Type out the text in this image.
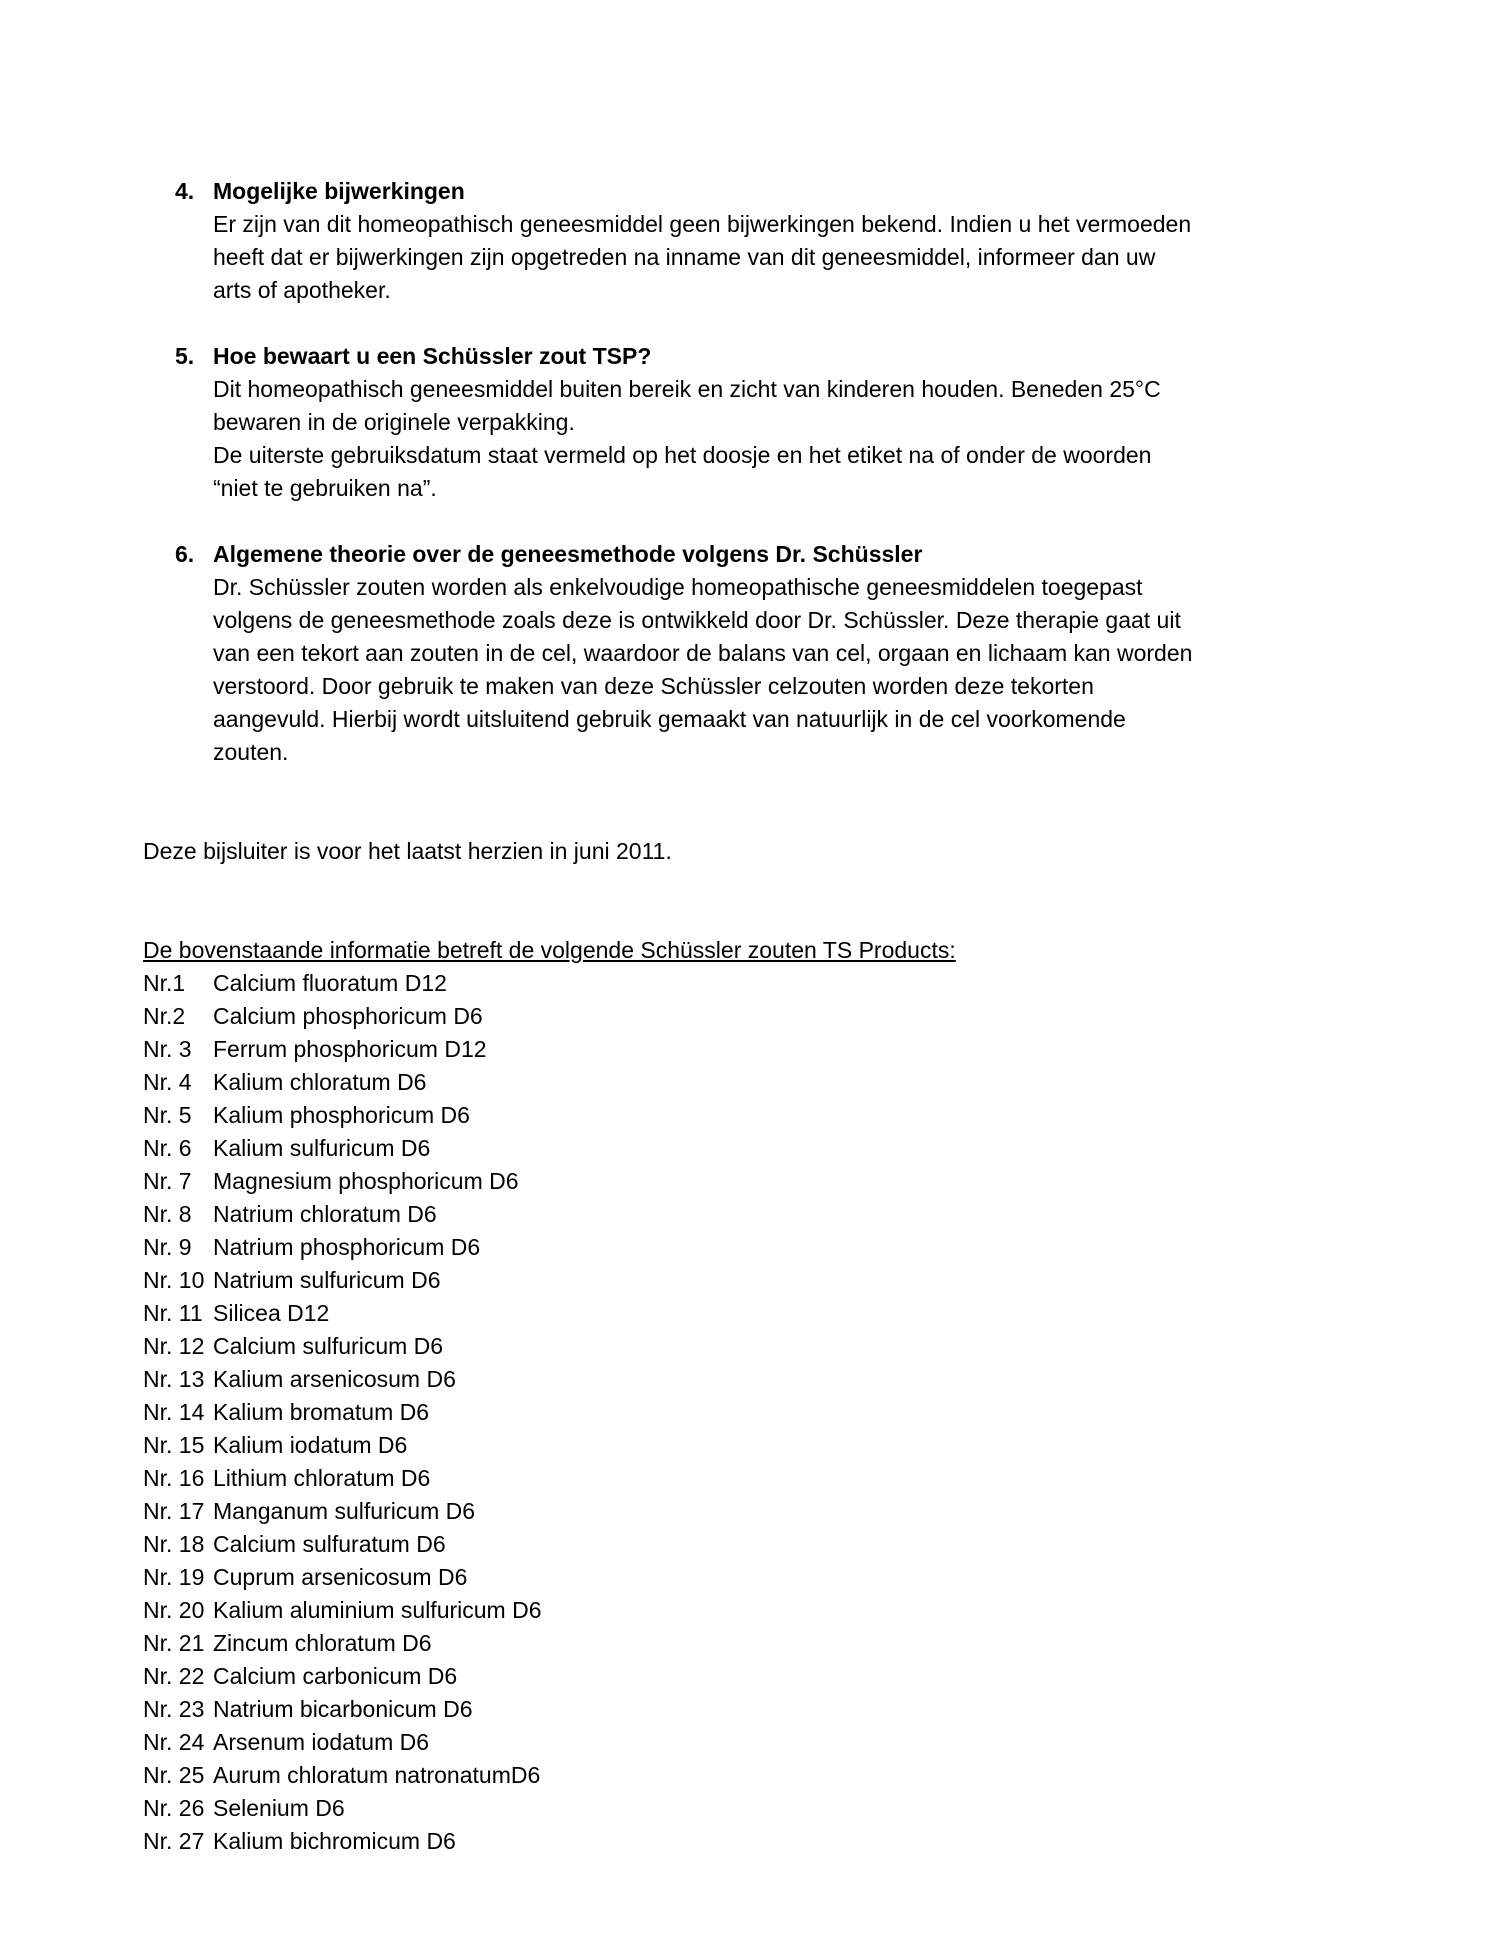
4. Mogelijke bijwerkingen
Er zijn van dit homeopathisch geneesmiddel geen bijwerkingen bekend. Indien u het vermoeden
heeft dat er bijwerkingen zijn opgetreden na inname van dit geneesmiddel, informeer dan uw
arts of apotheker.
5. Hoe bewaart u een Schüssler zout TSP?
Dit homeopathisch geneesmiddel buiten bereik en zicht van kinderen houden. Beneden 25°C
bewaren in de originele verpakking.
De uiterste gebruiksdatum staat vermeld op het doosje en het etiket na of onder de woorden
“niet te gebruiken na”.
6. Algemene theorie over de geneesmethode volgens Dr. Schüssler
Dr. Schüssler zouten worden als enkelvoudige homeopathische geneesmiddelen toegepast
volgens de geneesmethode zoals deze is ontwikkeld door Dr. Schüssler. Deze therapie gaat uit
van een tekort aan zouten in de cel, waardoor de balans van cel, orgaan en lichaam kan worden
verstoord. Door gebruik te maken van deze Schüssler celzouten worden deze tekorten
aangevuld. Hierbij wordt uitsluitend gebruik gemaakt van natuurlijk in de cel voorkomende
zouten.

Deze bijsluiter is voor het laatst herzien in juni 2011.

De bovenstaande informatie betreft de volgende Schüssler zouten TS Products:

Nr.1	Calcium fluoratum D12
Nr.2	Calcium phosphoricum D6
Nr. 3 Ferrum phosphoricum D12
Nr. 4 Kalium chloratum D6
Nr. 5 Kalium phosphoricum D6
Nr. 6 Kalium sulfuricum D6
Nr. 7 Magnesium phosphoricum D6
Nr. 8 Natrium chloratum D6
Nr. 9 Natrium phosphoricum D6
Nr. 10 Natrium sulfuricum D6
Nr. 11 Silicea D12
Nr. 12 Calcium sulfuricum D6
Nr. 13 Kalium arsenicosum D6
Nr. 14 Kalium bromatum D6
Nr. 15 Kalium iodatum D6
Nr. 16 Lithium chloratum D6
Nr. 17 Manganum sulfuricum D6
Nr. 18 Calcium sulfuratum D6
Nr. 19 Cuprum arsenicosum D6
Nr. 20 Kalium aluminium sulfuricum D6
Nr. 21 Zincum chloratum D6
Nr. 22 Calcium carbonicum D6
Nr. 23 Natrium bicarbonicum D6
Nr. 24 Arsenum iodatum D6
Nr. 25 Aurum chloratum natronatumD6
Nr. 26 Selenium D6
Nr. 27 Kalium bichromicum D6
